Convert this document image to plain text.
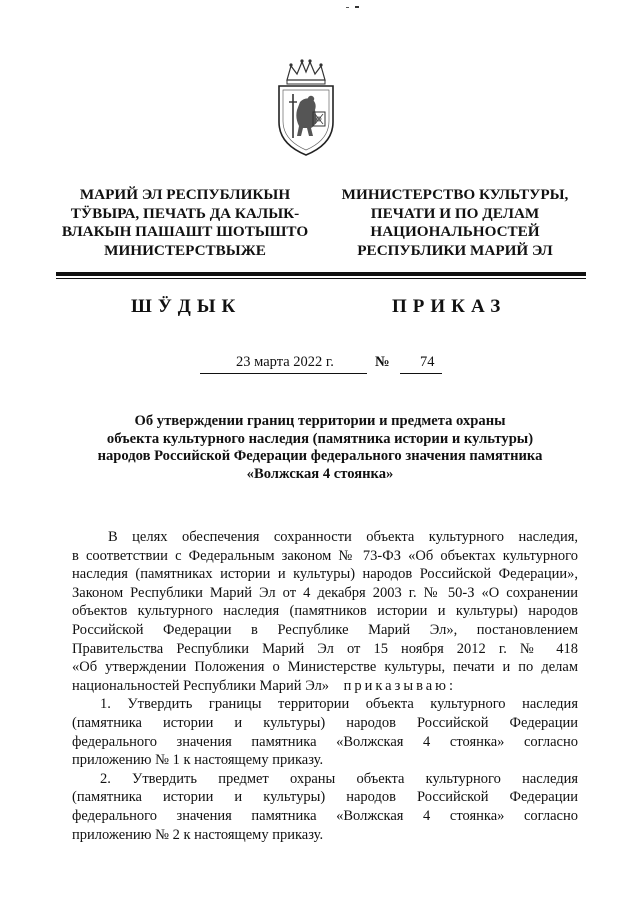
МАРИЙ ЭЛ РЕСПУБЛИКЫН
ТӰВЫРА, ПЕЧАТЬ ДА КАЛЫК-
ВЛАКЫН ПАШАШТ ШОТЫШТО
МИНИСТЕРСТВЫЖЕ
МИНИСТЕРСТВО КУЛЬТУРЫ,
ПЕЧАТИ И ПО ДЕЛАМ
НАЦИОНАЛЬНОСТЕЙ
РЕСПУБЛИКИ МАРИЙ ЭЛ
ШӰДЫК	ПРИКАЗ
23 марта 2022 г.	№ 74
Об утверждении границ территории и предмета охраны
объекта культурного наследия (памятника истории и культуры)
народов Российской Федерации федерального значения памятника
«Волжская 4 стоянка»
В целях обеспечения сохранности объекта культурного наследия,
в соответствии с Федеральным законом № 73-ФЗ «Об объектах культурного
наследия (памятниках истории и культуры) народов Российской Федерации»,
Законом Республики Марий Эл от 4 декабря 2003 г. № 50-З «О сохранении
объектов культурного наследия (памятников истории и культуры) народов
Российской Федерации в Республике Марий Эл», постановлением
Правительства Республики Марий Эл от 15 ноября 2012 г. № 418
«Об утверждении Положения о Министерстве культуры, печати и по делам
национальностей Республики Марий Эл» приказываю:
1. Утвердить границы территории объекта культурного наследия
(памятника истории и культуры) народов Российской Федерации
федерального значения памятника «Волжская 4 стоянка» согласно
приложению № 1 к настоящему приказу.
2. Утвердить предмет охраны объекта культурного наследия
(памятника истории и культуры) народов Российской Федерации
федерального значения памятника «Волжская 4 стоянка» согласно
приложению № 2 к настоящему приказу.
